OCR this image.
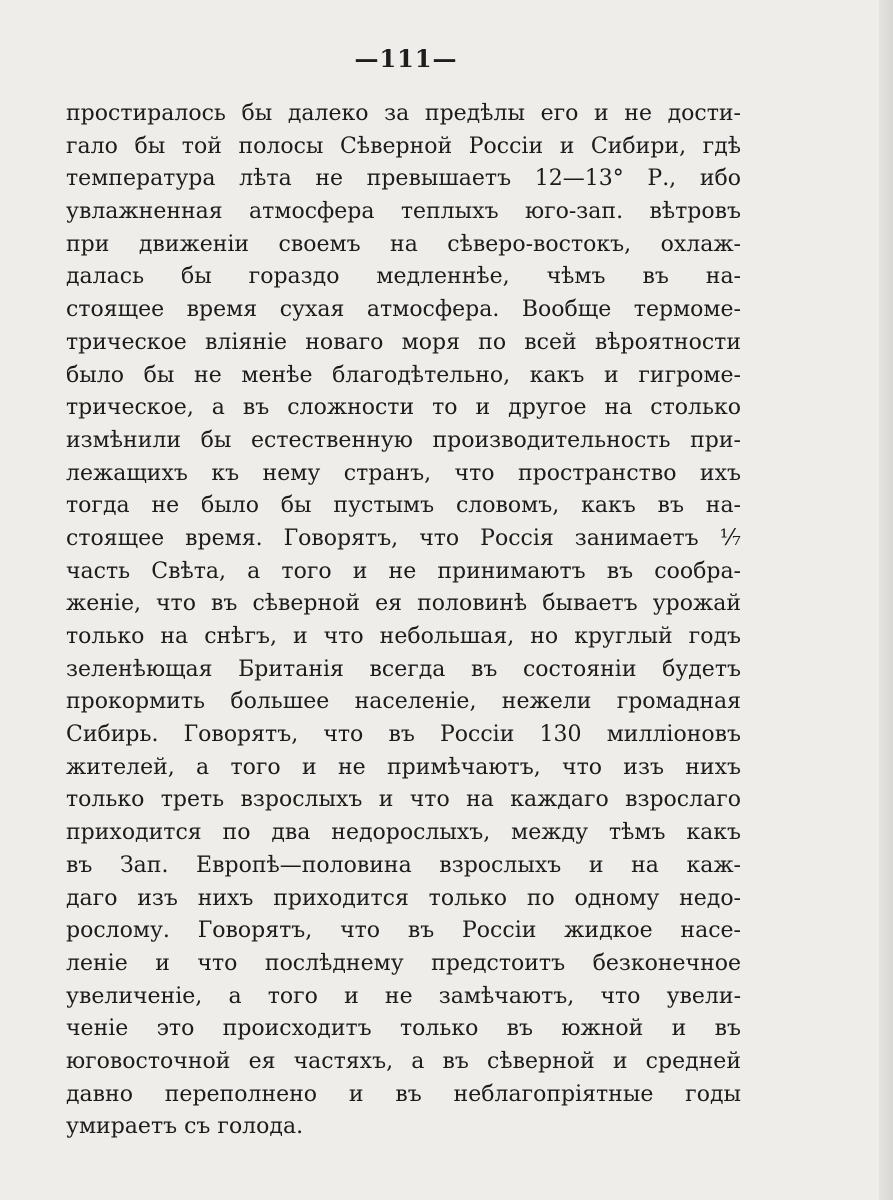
—111—
простиралось бы далеко за предѣлы его и не дости-
гало бы той полосы Сѣверной Россіи и Сибири, гдѣ
температура лѣта не превышаетъ 12—13° Р., ибо
увлажненная атмосфера теплыхъ юго-зап. вѣтровъ
при движеніи своемъ на сѣверо-востокъ, охлаж-
далась бы гораздо медленнѣе, чѣмъ въ на-
стоящее время сухая атмосфера. Вообще термоме-
трическое вліяніе новаго моря по всей вѣроятности
было бы не менѣе благодѣтельно, какъ и гигроме-
трическое, а въ сложности то и другое на столько
измѣнили бы естественную производительность при-
лежащихъ къ нему странъ, что пространство ихъ
тогда не было бы пустымъ словомъ, какъ въ на-
стоящее время. Говорятъ, что Россія занимаетъ ⅐
часть Свѣта, а того и не принимаютъ въ сообра-
женіе, что въ сѣверной ея половинѣ бываетъ урожай
только на снѣгъ, и что небольшая, но круглый годъ
зеленѣющая Британія всегда въ состояніи будетъ
прокормить большее населеніе, нежели громадная
Сибирь. Говорятъ, что въ Россіи 130 милліоновъ
жителей, а того и не примѣчаютъ, что изъ нихъ
только треть взрослыхъ и что на каждаго взрослаго
приходится по два недорослыхъ, между тѣмъ какъ
въ Зап. Европѣ—половина взрослыхъ и на каж-
даго изъ нихъ приходится только по одному недо-
рослому. Говорятъ, что въ Россіи жидкое насе-
леніе и что послѣднему предстоитъ безконечное
увеличеніе, а того и не замѣчаютъ, что увели-
ченіе это происходитъ только въ южной и въ
юговосточной ея частяхъ, а въ сѣверной и средней
давно переполнено и въ неблагопріятные годы
умираетъ съ голода.
